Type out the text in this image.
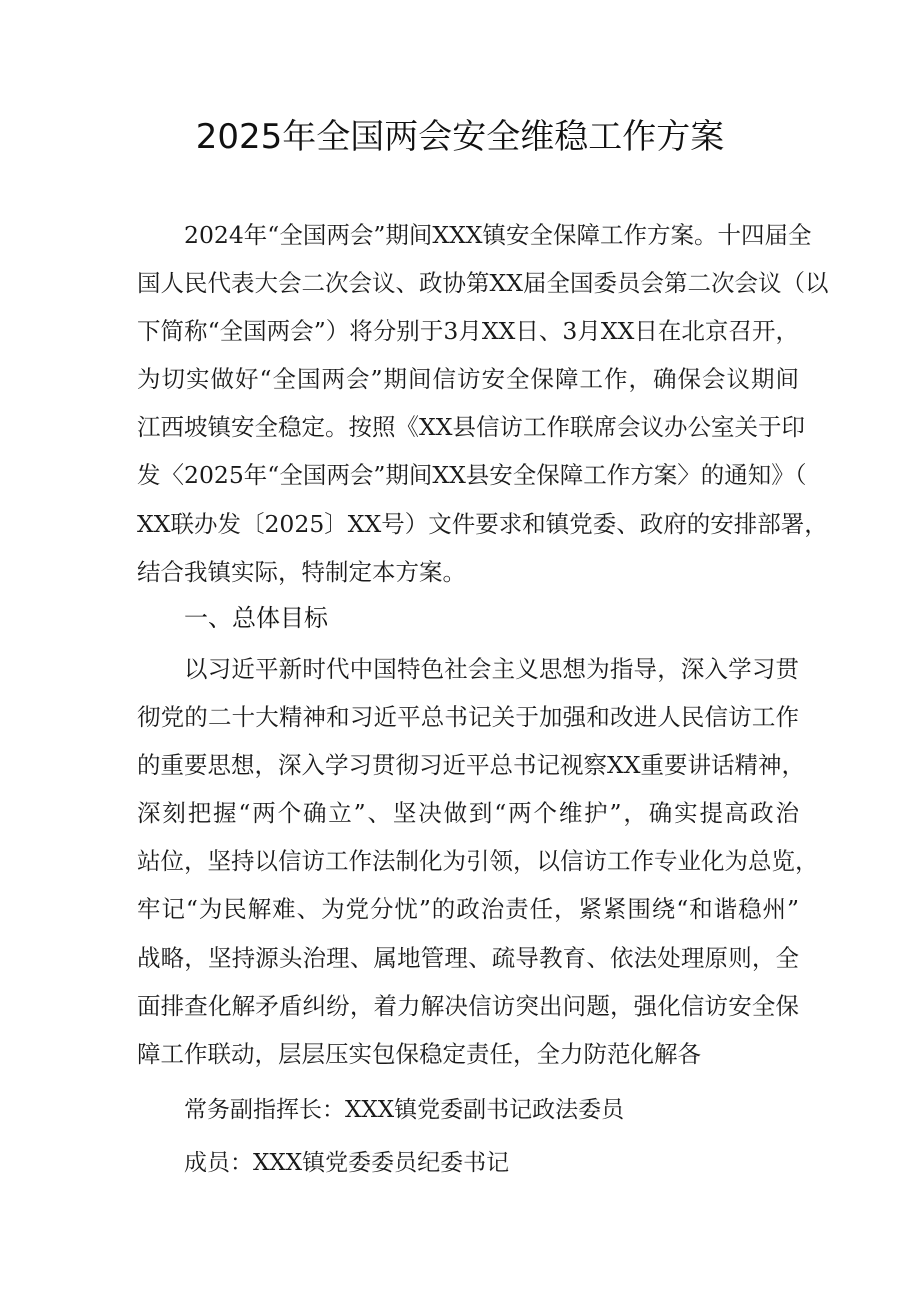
2025年全国两会安全维稳工作方案
2024年“全国两会”期间XXX镇安全保障工作方案。十四届全
国人民代表大会二次会议、政协第XX届全国委员会第二次会议（以
下简称“全国两会”）将分别于3月XX日、3月XX日在北京召开，
为切实做好“全国两会”期间信访安全保障工作，确保会议期间
江西坡镇安全稳定。按照《XX县信访工作联席会议办公室关于印
发〈2025年“全国两会”期间XX县安全保障工作方案〉的通知》（
XX联办发〔2025〕XX号）文件要求和镇党委、政府的安排部署，
结合我镇实际，特制定本方案。
一、总体目标
以习近平新时代中国特色社会主义思想为指导，深入学习贯
彻党的二十大精神和习近平总书记关于加强和改进人民信访工作
的重要思想，深入学习贯彻习近平总书记视察XX重要讲话精神，
深刻把握“两个确立”、坚决做到“两个维护”，确实提高政治
站位，坚持以信访工作法制化为引领，以信访工作专业化为总览，
牢记“为民解难、为党分忧”的政治责任，紧紧围绕“和谐稳州”
战略，坚持源头治理、属地管理、疏导教育、依法处理原则，全
面排查化解矛盾纠纷，着力解决信访突出问题，强化信访安全保
障工作联动，层层压实包保稳定责任，全力防范化解各
常务副指挥长：XXX镇党委副书记政法委员
成员：XXX镇党委委员纪委书记
